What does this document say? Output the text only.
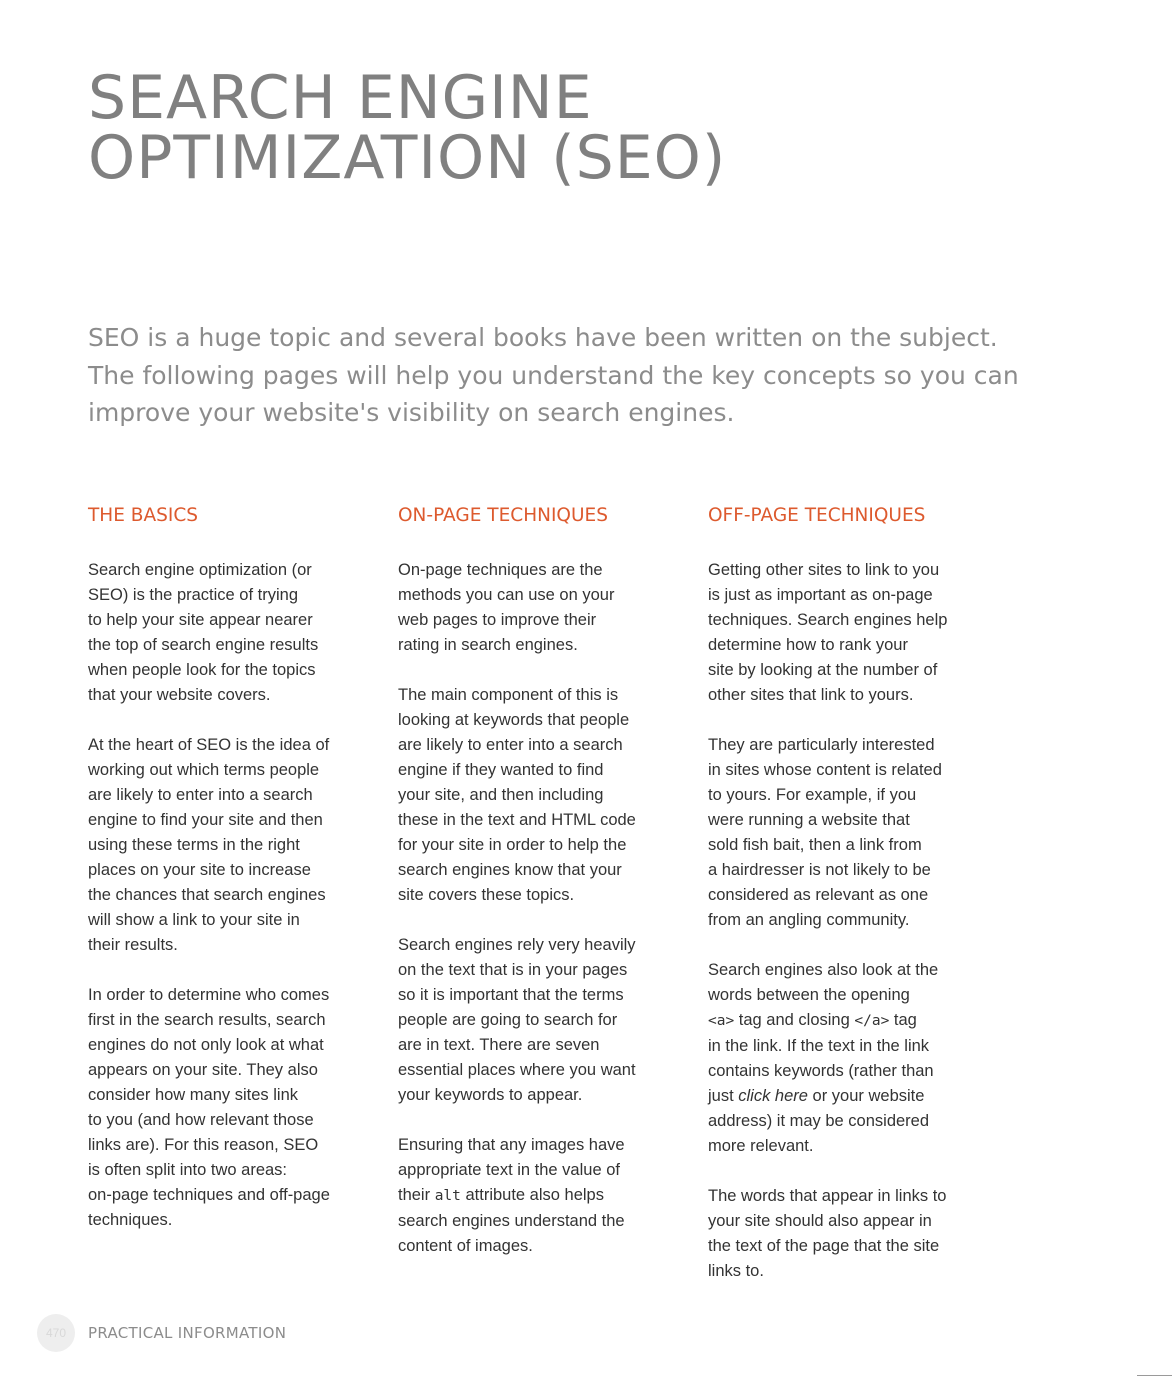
SEARCH ENGINE
OPTIMIZATION (SEO)

SEO is a huge topic and several books have been written on the subject.
The following pages will help you understand the key concepts so you can
improve your website's visibility on search engines.

THE BASICS

Search engine optimization (or
SEO) is the practice of trying
to help your site appear nearer
the top of search engine results
when people look for the topics
that your website covers.

At the heart of SEO is the idea of
working out which terms people
are likely to enter into a search
engine to find your site and then
using these terms in the right
places on your site to increase
the chances that search engines
will show a link to your site in
their results.

In order to determine who comes
first in the search results, search
engines do not only look at what
appears on your site. They also
consider how many sites link
to you (and how relevant those
links are). For this reason, SEO
is often split into two areas:
on-page techniques and off-page
techniques.

ON-PAGE TECHNIQUES

On-page techniques are the
methods you can use on your
web pages to improve their
rating in search engines.

The main component of this is
looking at keywords that people
are likely to enter into a search
engine if they wanted to find
your site, and then including
these in the text and HTML code
for your site in order to help the
search engines know that your
site covers these topics.

Search engines rely very heavily
on the text that is in your pages
so it is important that the terms
people are going to search for
are in text. There are seven
essential places where you want
your keywords to appear.

Ensuring that any images have
appropriate text in the value of
their alt attribute also helps
search engines understand the
content of images.

OFF-PAGE TECHNIQUES

Getting other sites to link to you
is just as important as on-page
techniques. Search engines help
determine how to rank your
site by looking at the number of
other sites that link to yours.

They are particularly interested
in sites whose content is related
to yours. For example, if you
were running a website that
sold fish bait, then a link from
a hairdresser is not likely to be
considered as relevant as one
from an angling community.

Search engines also look at the
words between the opening
<a> tag and closing </a> tag
in the link. If the text in the link
contains keywords (rather than
just click here or your website
address) it may be considered
more relevant.

The words that appear in links to
your site should also appear in
the text of the page that the site
links to.

470	PRACTICAL INFORMATION
